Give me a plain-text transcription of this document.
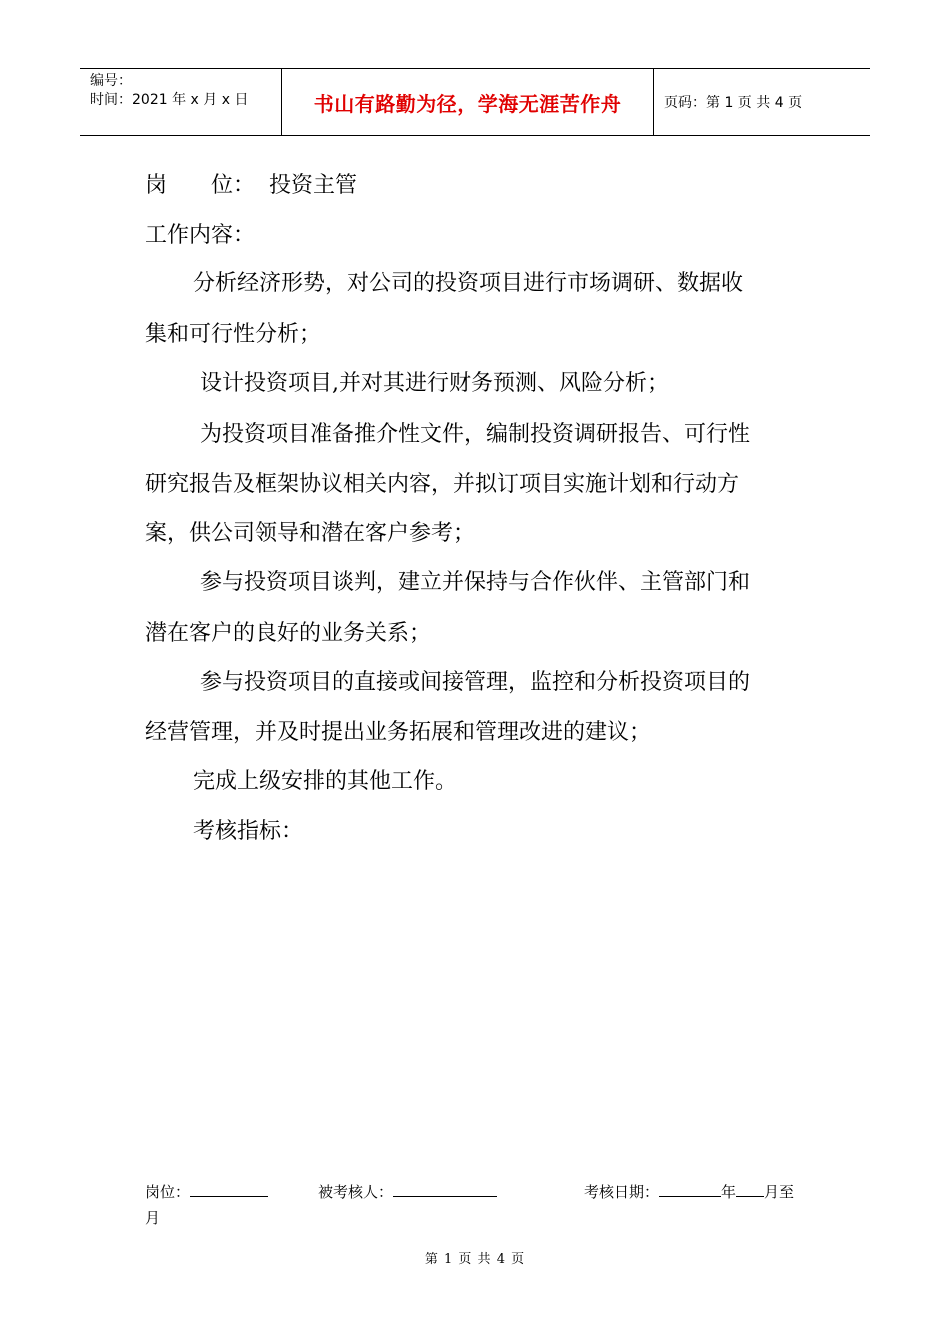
编号：
时间：2021 年 x 月 x 日	书山有路勤为径，学海无涯苦作舟	页码：第 1 页 共 4 页
岗 位： 投资主管
工作内容：
分析经济形势，对公司的投资项目进行市场调研、数据收
集和可行性分析；
设计投资项目,并对其进行财务预测、风险分析；
为投资项目准备推介性文件，编制投资调研报告、可行性
研究报告及框架协议相关内容，并拟订项目实施计划和行动方
案，供公司领导和潜在客户参考；
参与投资项目谈判，建立并保持与合作伙伴、主管部门和
潜在客户的良好的业务关系；
参与投资项目的直接或间接管理，监控和分析投资项目的
经营管理，并及时提出业务拓展和管理改进的建议；
完成上级安排的其他工作。
考核指标：
岗位：	被考核人：	考核日期：	年 月至
月
第 1 页 共 4 页
